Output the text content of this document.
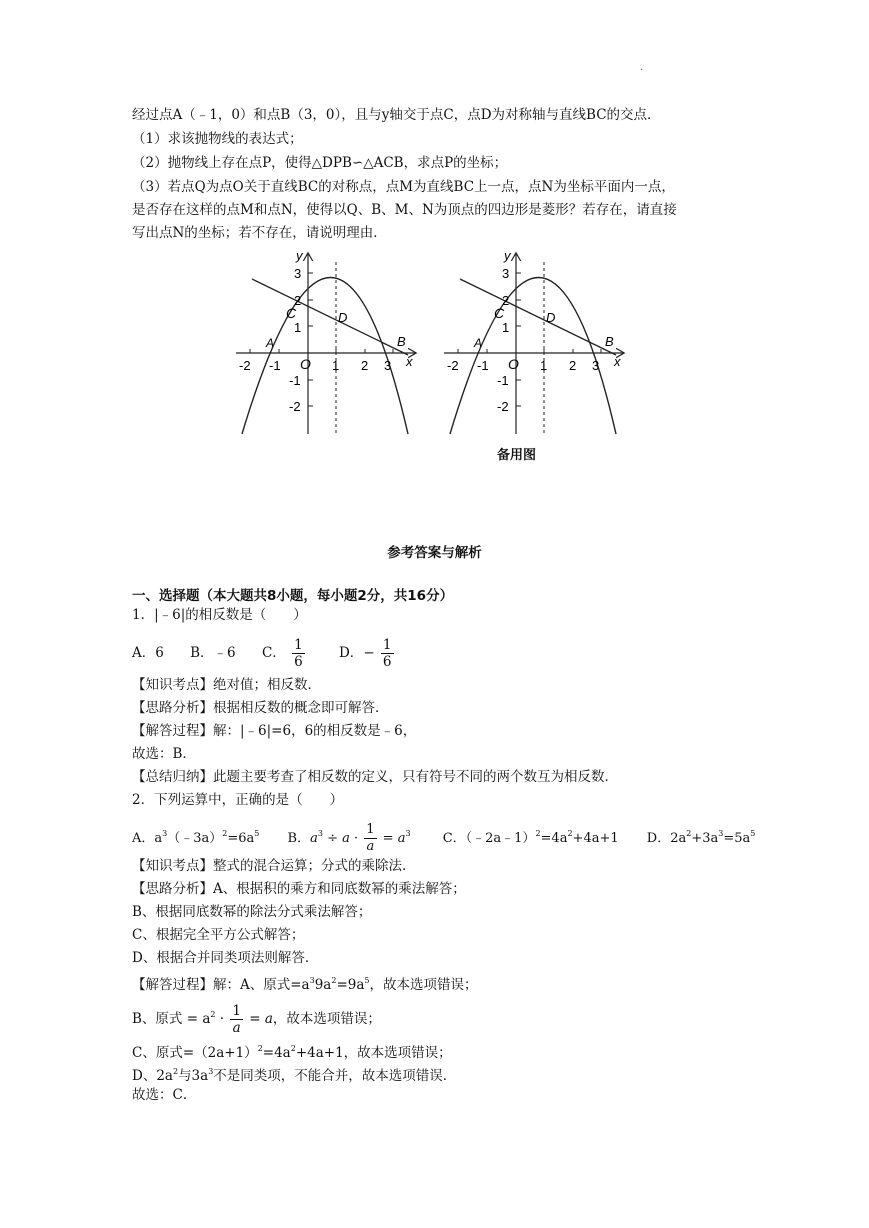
.
经过点A（﹣1，0）和点B（3，0），且与y轴交于点C，点D为对称轴与直线BC的交点．
（1）求该抛物线的表达式；
（2）抛物线上存在点P，使得△DPB∽△ACB，求点P的坐标；
（3）若点Q为点O关于直线BC的对称点，点M为直线BC上一点，点N为坐标平面内一点，
是否存在这样的点M和点N，使得以Q、B、M、N为顶点的四边形是菱形？若存在，请直接
写出点N的坐标；若不存在，请说明理由．
y
x
A	B
C	D
O
-2 -1	1 2 3
3
2
1
-1
-2
y
x
A	B
C	D
O
-2 -1	1 2 3
3
2
1
-1
-2
备用图
参考答案与解析
一、选择题（本大题共8小题，每小题2分，共16分）
1．|﹣6|的相反数是（　　）
A．6 B．﹣6 C． $\frac{1}{6}$	D．− $\frac{1}{6}$
【知识考点】绝对值；相反数．
【思路分析】根据相反数的概念即可解答．
【解答过程】解：|﹣6|=6，6的相反数是﹣6，
故选：B．
【总结归纳】此题主要考查了相反数的定义，只有符号不同的两个数互为相反数．
2．下列运算中，正确的是（　　）
A．$a^3(﹣3a)^2=6a^5$ B．$a^3 \div a \cdot \frac{1}{a} = a^3$ C．$(﹣2a﹣1)^2=4a^2+4a+1$ D．$2a^2+3a^3=5a^5$
【知识考点】整式的混合运算；分式的乘除法．
【思路分析】A、根据积的乘方和同底数幂的乘法解答；
B、根据同底数幂的除法分式乘法解答；
C、根据完全平方公式解答；
D、根据合并同类项法则解答．
【解答过程】解：A、原式$=a^39a^2=9a^5$，故本选项错误；
B、原式 = $a^2 \cdot \frac{1}{a} = a$，故本选项错误；
C、原式$=(2a+1)^2=4a^2+4a+1$，故本选项错误；
D、$2a^2$与$3a^3$不是同类项，不能合并，故本选项错误．
故选：C．
